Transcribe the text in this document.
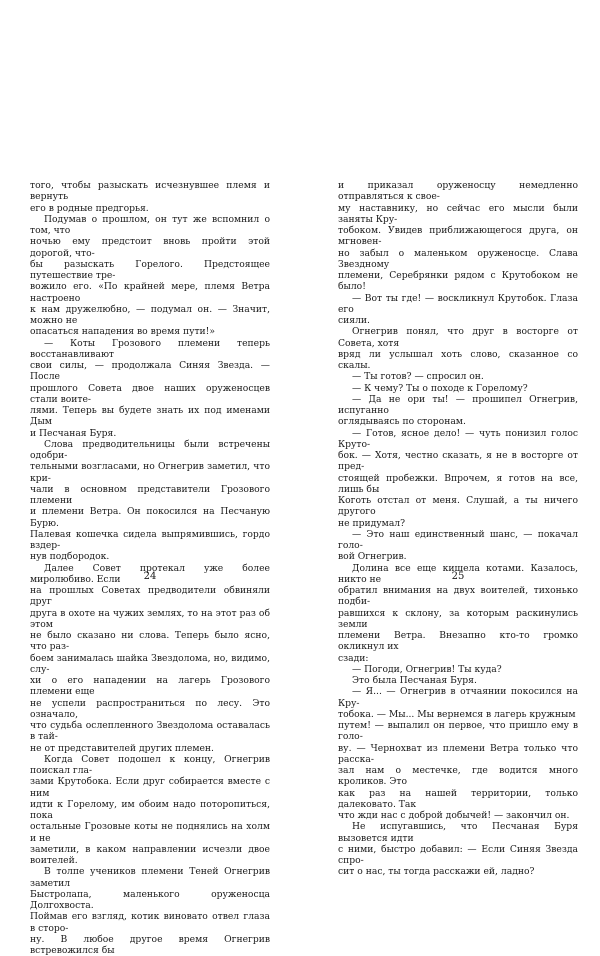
того, чтобы разыскать исчезнувшее племя и вернуть
его в родные предгорья.

Подумав о прошлом, он тут же вспомнил о том, что
ночью ему предстоит вновь пройти этой дорогой, что-
бы разыскать Горелого. Предстоящее путешествие тре-
вожило его. «По крайней мере, племя Ветра настроено
к нам дружелюбно, — подумал он. — Значит, можно не
опасаться нападения во время пути!»

— Коты Грозового племени теперь восстанавливают
свои силы, — продолжала Синяя Звезда. — После
прошлого Совета двое наших оруженосцев стали воите-
лями. Теперь вы будете знать их под именами Дым
и Песчаная Буря.

Слова предводительницы были встречены одобри-
тельными возгласами, но Огнегрив заметил, что кри-
чали в основном представители Грозового племени
и племени Ветра. Он покосился на Песчаную Бурю.
Палевая кошечка сидела выпрямившись, гордо вздер-
нув подбородок.

Далее Совет протекал уже более миролюбиво. Если
на прошлых Советах предводители обвиняли друг
друга в охоте на чужих землях, то на этот раз об этом
не было сказано ни слова. Теперь было ясно, что раз-
боем занималась шайка Звездолома, но, видимо, слу-
хи о его нападении на лагерь Грозового племени еще
не успели распространиться по лесу. Это означало,
что судьба ослепленного Звездолома оставалась в тай-
не от представителей других племен.

Когда Совет подошел к концу, Огнегрив поискал гла-
зами Крутобока. Если друг собирается вместе с ним
идти к Горелому, им обоим надо поторопиться, пока
остальные Грозовые коты не поднялись на холм и не
заметили, в каком направлении исчезли двое воителей.

В толпе учеников племени Теней Огнегрив заметил
Быстролапа, маленького оруженосца Долгохвоста.
Поймав его взгляд, котик виновато отвел глаза в сторо-
ну. В любое другое время Огнегрив встревожился бы

24

и приказал оруженосцу немедленно отправляться к свое-
му наставнику, но сейчас его мысли были заняты Кру-
тобоком. Увидев приближающегося друга, он мгновен-
но забыл о маленьком оруженосце. Слава Звездному
племени, Серебрянки рядом с Крутобоком не было!

— Вот ты где! — воскликнул Крутобок. Глаза его
сияли.

Огнегрив понял, что друг в восторге от Совета, хотя
вряд ли услышал хоть слово, сказанное со скалы.

— Ты готов? — спросил он.

— К чему? Ты о походе к Горелому?

— Да не ори ты! — прошипел Огнегрив, испуганно
оглядываясь по сторонам.

— Готов, ясное дело! — чуть понизил голос Круто-
бок. — Хотя, честно сказать, я не в восторге от пред-
стоящей пробежки. Впрочем, я готов на все, лишь бы
Коготь отстал от меня. Слушай, а ты ничего другого
не придумал?

— Это наш единственный шанс, — покачал голо-
вой Огнегрив.

Долина все еще кишела котами. Казалось, никто не
обратил внимания на двух воителей, тихонько подби-
равшихся к склону, за которым раскинулись земли
племени Ветра. Внезапно кто-то громко окликнул их
сзади:

— Погоди, Огнегрив! Ты куда?

Это была Песчаная Буря.

— Я... — Огнегрив в отчаянии покосился на Кру-
тобока. — Мы... Мы вернемся в лагерь кружным
путем! — выпалил он первое, что пришло ему в голо-
ву. — Чернохват из племени Ветра только что расска-
зал нам о местечке, где водится много кроликов. Это
как раз на нашей территории, только далековато. Так
что жди нас с доброй добычей! — закончил он.

Не испугавшись, что Песчаная Буря вызовется идти
с ними, быстро добавил: — Если Синяя Звезда спро-
сит о нас, ты тогда расскажи ей, ладно?

25
